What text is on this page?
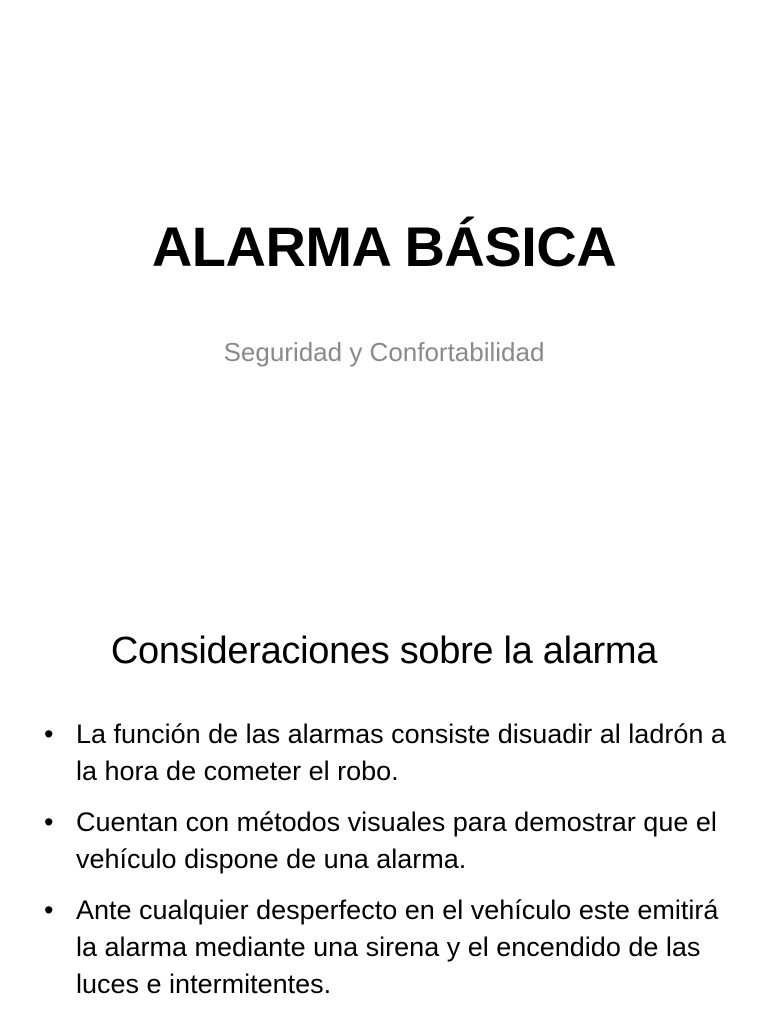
ALARMA BÁSICA

Seguridad y Confortabilidad

Consideraciones sobre la alarma
• La función de las alarmas consiste disuadir al ladrón a la hora de cometer el robo.
• Cuentan con métodos visuales para demostrar que el vehículo dispone de una alarma.
• Ante cualquier desperfecto en el vehículo este emitirá la alarma mediante una sirena y el encendido de las luces e intermitentes.
